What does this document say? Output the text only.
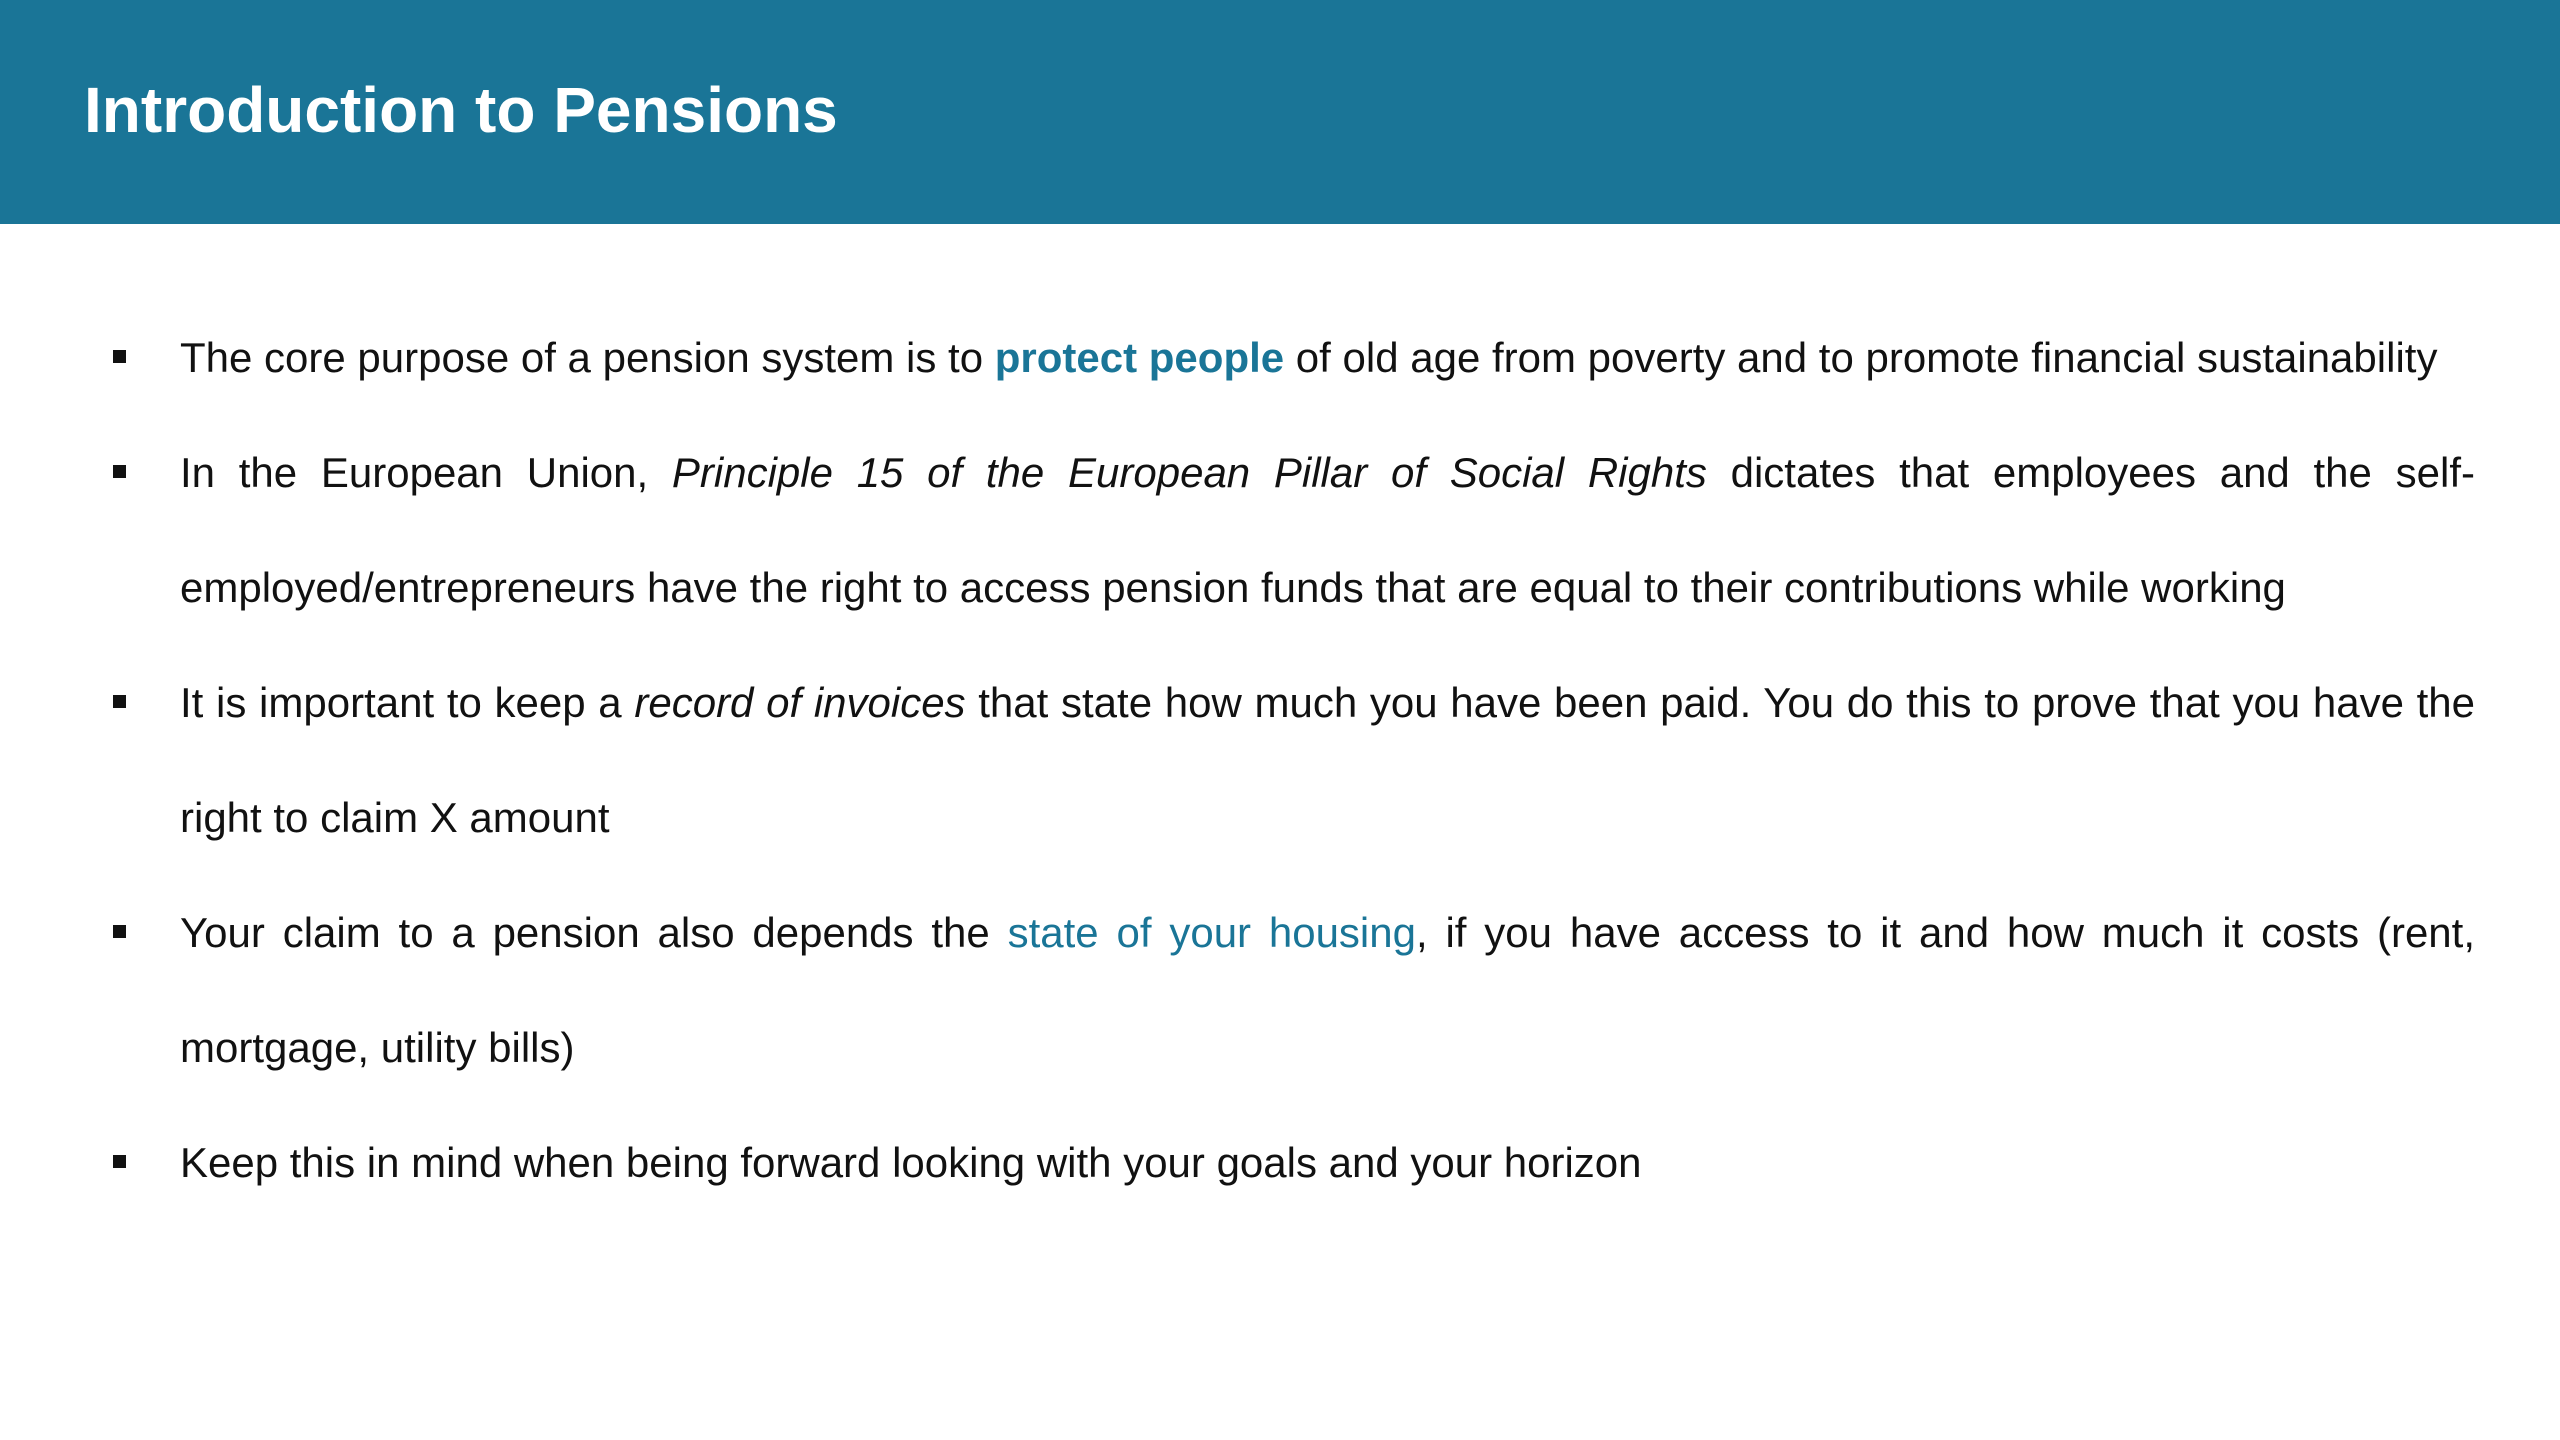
Introduction to Pensions
The core purpose of a pension system is to protect people of old age from poverty and to promote financial sustainability
In the European Union, Principle 15 of the European Pillar of Social Rights dictates that employees and the self-employed/entrepreneurs have the right to access pension funds that are equal to their contributions while working
It is important to keep a record of invoices that state how much you have been paid. You do this to prove that you have the right to claim X amount
Your claim to a pension also depends the state of your housing, if you have access to it and how much it costs (rent, mortgage, utility bills)
Keep this in mind when being forward looking with your goals and your horizon
